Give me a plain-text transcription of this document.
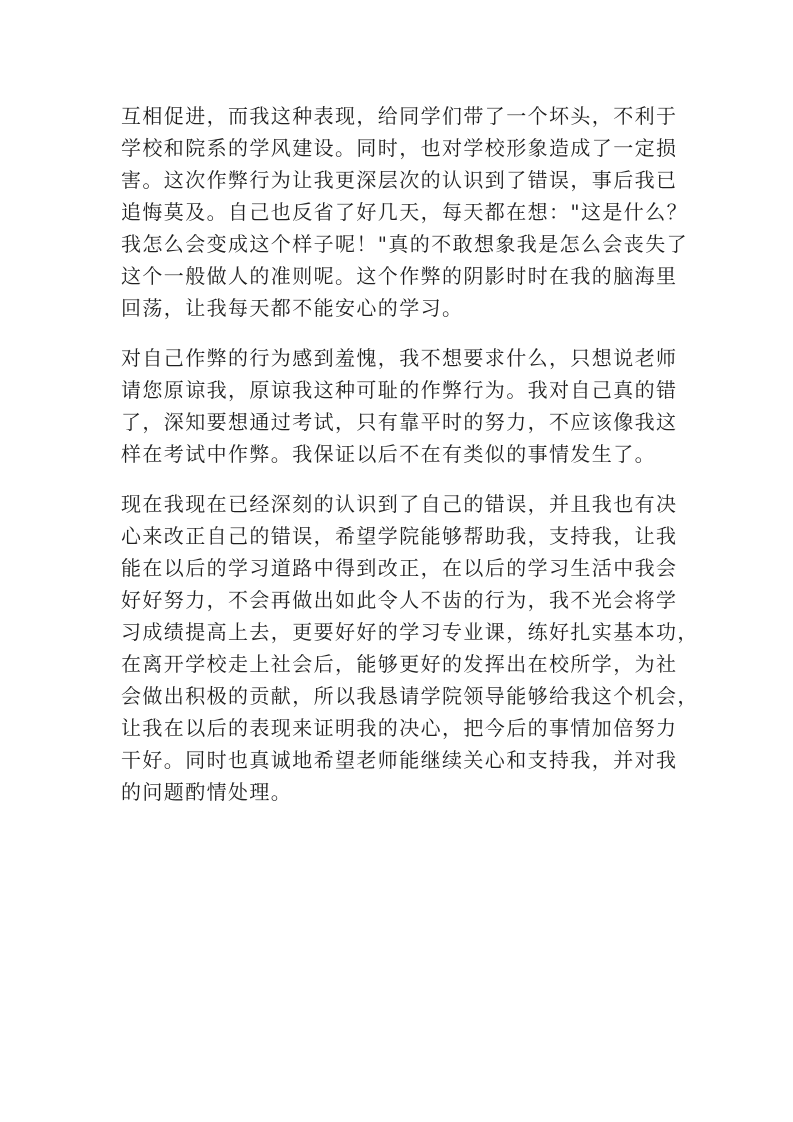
互相促进，而我这种表现，给同学们带了一个坏头，不利于
学校和院系的学风建设。同时，也对学校形象造成了一定损
害。这次作弊行为让我更深层次的认识到了错误，事后我已
追悔莫及。自己也反省了好几天，每天都在想："这是什么？
我怎么会变成这个样子呢！"真的不敢想象我是怎么会丧失了
这个一般做人的准则呢。这个作弊的阴影时时在我的脑海里
回荡，让我每天都不能安心的学习。

对自己作弊的行为感到羞愧，我不想要求什么，只想说老师
请您原谅我，原谅我这种可耻的作弊行为。我对自己真的错
了，深知要想通过考试，只有靠平时的努力，不应该像我这
样在考试中作弊。我保证以后不在有类似的事情发生了。

现在我现在已经深刻的认识到了自己的错误，并且我也有决
心来改正自己的错误，希望学院能够帮助我，支持我，让我
能在以后的学习道路中得到改正，在以后的学习生活中我会
好好努力，不会再做出如此令人不齿的行为，我不光会将学
习成绩提高上去，更要好好的学习专业课，练好扎实基本功，
在离开学校走上社会后，能够更好的发挥出在校所学，为社
会做出积极的贡献，所以我恳请学院领导能够给我这个机会，
让我在以后的表现来证明我的决心，把今后的事情加倍努力
干好。同时也真诚地希望老师能继续关心和支持我，并对我
的问题酌情处理。
